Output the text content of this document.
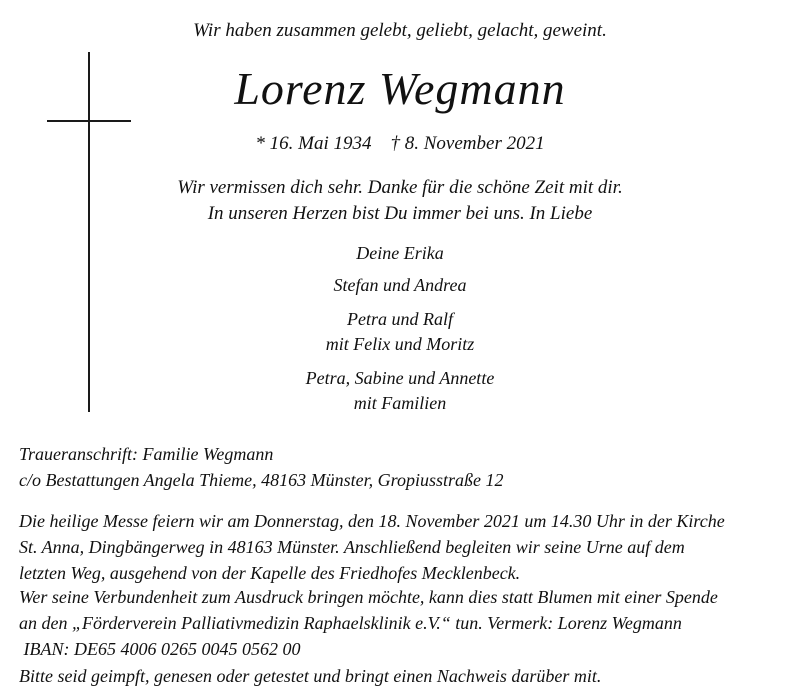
Wir haben zusammen gelebt, geliebt, gelacht, geweint.
Lorenz Wegmann
* 16. Mai 1934 † 8. November 2021
Wir vermissen dich sehr. Danke für die schöne Zeit mit dir.
In unseren Herzen bist Du immer bei uns. In Liebe
Deine Erika
Stefan und Andrea
Petra und Ralf
mit Felix und Moritz
Petra, Sabine und Annette
mit Familien
Traueranschrift: Familie Wegmann
c/o Bestattungen Angela Thieme, 48163 Münster, Gropiusstraße 12
Die heilige Messe feiern wir am Donnerstag, den 18. November 2021 um 14.30 Uhr in der Kirche
St. Anna, Dingbängerweg in 48163 Münster. Anschließend begleiten wir seine Urne auf dem
letzten Weg, ausgehend von der Kapelle des Friedhofes Mecklenbeck.
Wer seine Verbundenheit zum Ausdruck bringen möchte, kann dies statt Blumen mit einer Spende
an den „Förderverein Palliativmedizin Raphaelsklinik e.V.“ tun. Vermerk: Lorenz Wegmann
IBAN: DE65 4006 0265 0045 0562 00
Bitte seid geimpft, genesen oder getestet und bringt einen Nachweis darüber mit.
